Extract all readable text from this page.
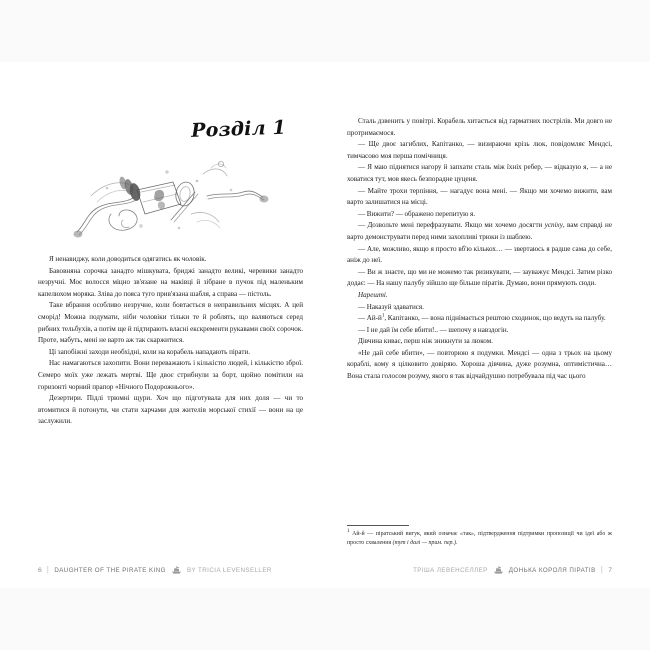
Розділ 1

Я ненавиджу, коли доводиться одягатись як чоловік.

Бавовняна сорочка занадто мішкувата, бриджі занадто великі, черевики занадто незручні. Моє волосся міцно зв'язане на маківці й зібране в пучок під маленьким капелюхом моряка. Зліва до пояса туго прив'язана шабля, а справа — пістоль.

Таке вбрання особливо незручне, коли бовтається в неправильних місцях. А цей сморід! Можна подумати, ніби чоловіки тільки те й роблять, що валяються серед рибних тельбухів, а потім ще й підтирають власні екскременти рукавами своїх сорочок. Проте, мабуть, мені не варто аж так скаржитися.

Ці запобіжні заходи необхідні, коли на корабель нападають пірати.

Нас намагаються захопити. Вони переважають і кількістю людей, і кількістю зброї. Семеро моїх уже лежать мертві. Ще двоє стрибнули за борт, щойно помітили на горизонті чорний прапор «Нічного Подорожнього».

Дезертири. Підлі трюмні щури. Хоч що підготувала для них доля — чи то втомитися й потонути, чи стати харчами для жителів морської стихії — вони на це заслужили.

6 | DAUGHTER OF THE PIRATE KING	BY TRICIA LEVENSELLER

Сталь дзвенить у повітрі. Корабель хитається від гарматних пострілів. Ми довго не протримаємося.

— Ще двоє загиблих, Капітанко, — визираючи крізь люк, повідомляє Мендсі, тимчасово моя перша помічниця.

— Я маю піднятися нагору й запхати сталь між їхніх ребер, — відказую я, — а не ховатися тут, мов якесь безпорадне цуценя.

— Майте трохи терпіння, — нагадує вона мені. — Якщо ми хочемо вижити, вам варто залишатися на місці.

— Вижити? — ображено перепитую я.

— Дозвольте мені перефразувати. Якщо ми хочемо досягти успіху, вам справді не варто демонструвати перед ними захопливі трюки із шаблею.

— Але, можливо, якщо я просто вб'ю кількох… — звертаюсь я радше сама до себе, аніж до неї.

— Ви ж знаєте, що ми не можемо так ризикувати, — зауважує Мендсі. Затим різко додає: — На нашу палубу зійшло ще більше піратів. Думаю, вони прямують сюди.

Нарешті.

— Наказуй здаватися.

— $Ай-й^1$, Капітанко, — вона піднімається рештою сходинок, що ведуть на палубу.

— І не дай їм себе вбити!.. — шепочу я навздогін.

Дівчина киває, перш ніж зникнути за люком.

«Не дай себе вбити», — повторюю я подумки. Мендсі — одна з трьох на цьому кораблі, кому я цілковито довіряю. Хороша дівчина, дуже розумна, оптимістична… Вона стала голосом розуму, якого я так відчайдушно потребувала під час цього

$^1$ Ай-й — піратський вигук, який означає «так», підтвердження підтримки пропозиції чи ідеї або ж просто схвалення (тут і далі — прим. пер.).

ТРІША ЛЕВЕНСЕЛЛЕР	ДОНЬКА КОРОЛЯ ПІРАТІВ | 7
